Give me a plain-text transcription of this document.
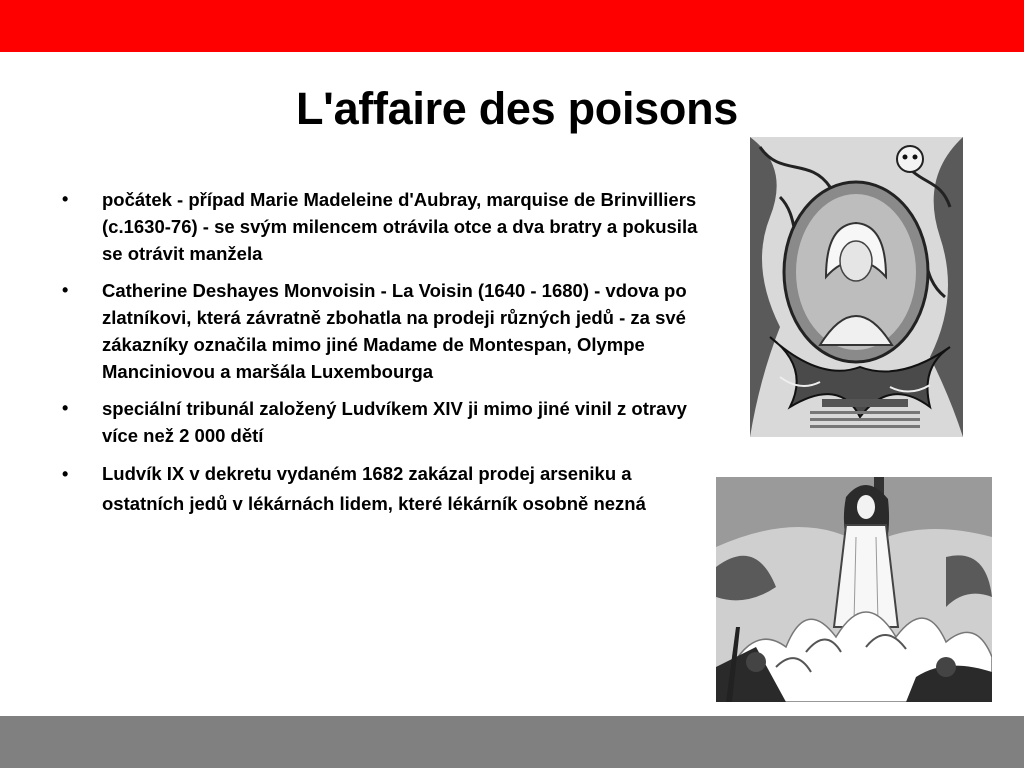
L'affaire des poisons
• počátek - případ Marie Madeleine d'Aubray, marquise de Brinvilliers (c.1630-76) - se svým milencem otrávila otce a dva bratry a pokusila se otrávit manžela
• Catherine Deshayes Monvoisin - La Voisin (1640 - 1680) - vdova po zlatníkovi, která závratně zbohatla na prodeji různých jedů - za své zákazníky označila mimo jiné Madame de Montespan, Olympe Manciniovou a maršála Luxembourga
• speciální tribunál založený Ludvíkem XIV ji mimo jiné vinil z otravy více než 2 000 dětí
• Ludvík IX v dekretu vydaném 1682 zakázal prodej arseniku a ostatních jedů v lékárnách lidem, které lékárník osobně nezná
